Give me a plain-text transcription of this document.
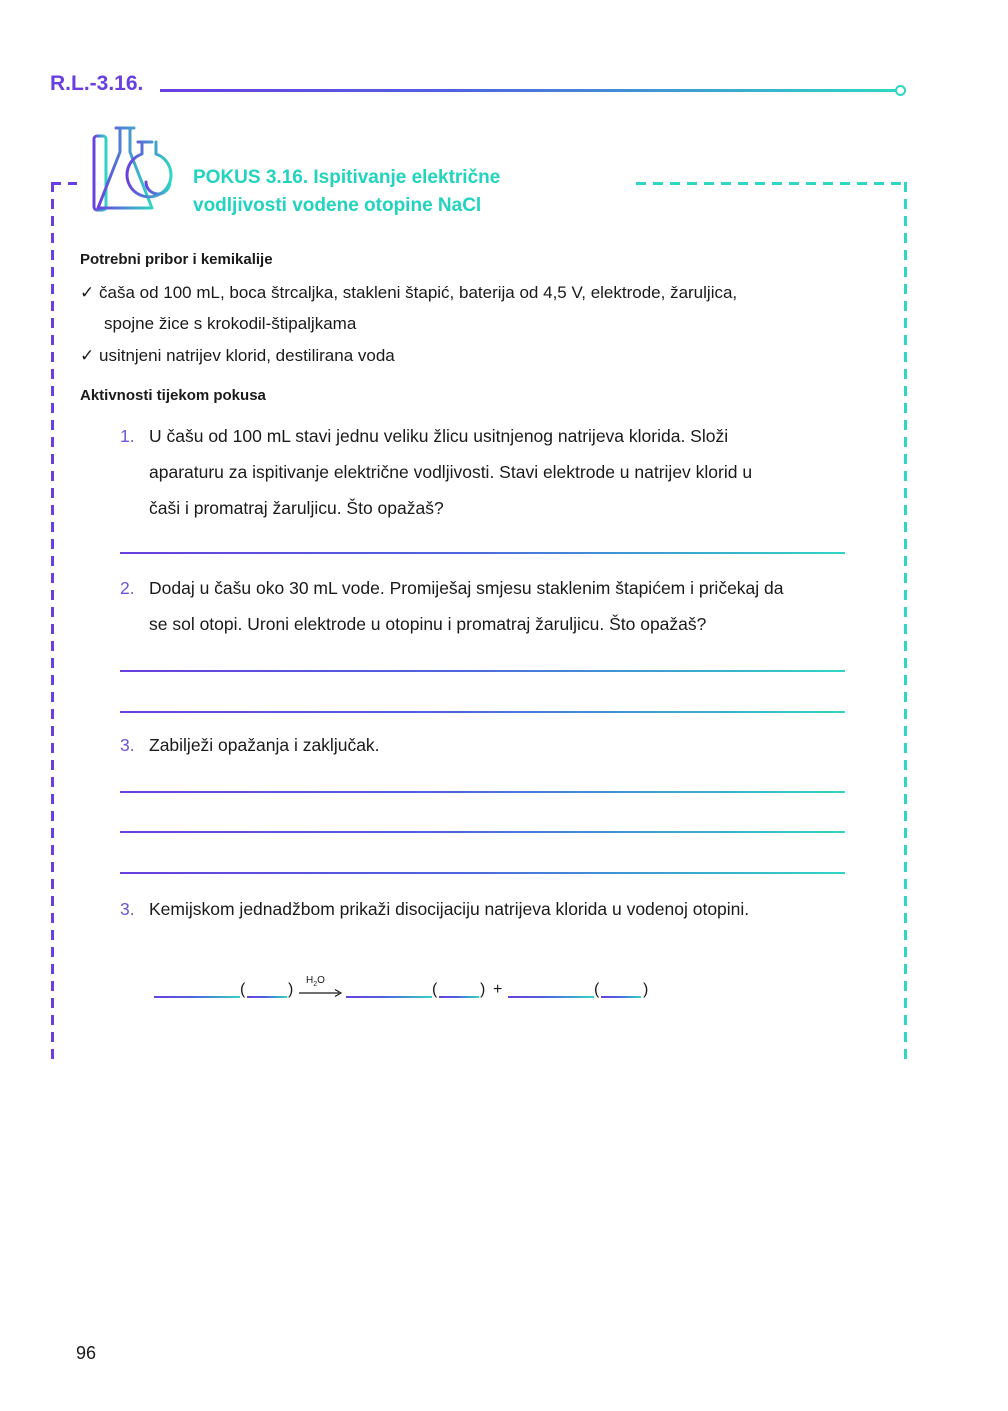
R.L.-3.16.
POKUS 3.16. Ispitivanje električne
vodljivosti vodene otopine NaCl
Potrebni pribor i kemikalije
✓ čaša od 100 mL, boca štrcaljka, stakleni štapić, baterija od 4,5 V, elektrode, žaruljica,
spojne žice s krokodil-štipaljkama
✓ usitnjeni natrijev klorid, destilirana voda
Aktivnosti tijekom pokusa
1. U čašu od 100 mL stavi jednu veliku žlicu usitnjenog natrijeva klorida. Složi
aparaturu za ispitivanje električne vodljivosti. Stavi elektrode u natrijev klorid u
čaši i promatraj žaruljicu. Što opažaš?
2. Dodaj u čašu oko 30 mL vode. Promiješaj smjesu staklenim štapićem i pričekaj da
se sol otopi. Uroni elektrode u otopinu i promatraj žaruljicu. Što opažaš?
3. Zabilježi opažanja i zaključak.
3. Kemijskom jednadžbom prikaži disocijaciju natrijeva klorida u vodenoj otopini.
(	)
$H_2O$
(	) +	(	)
96
